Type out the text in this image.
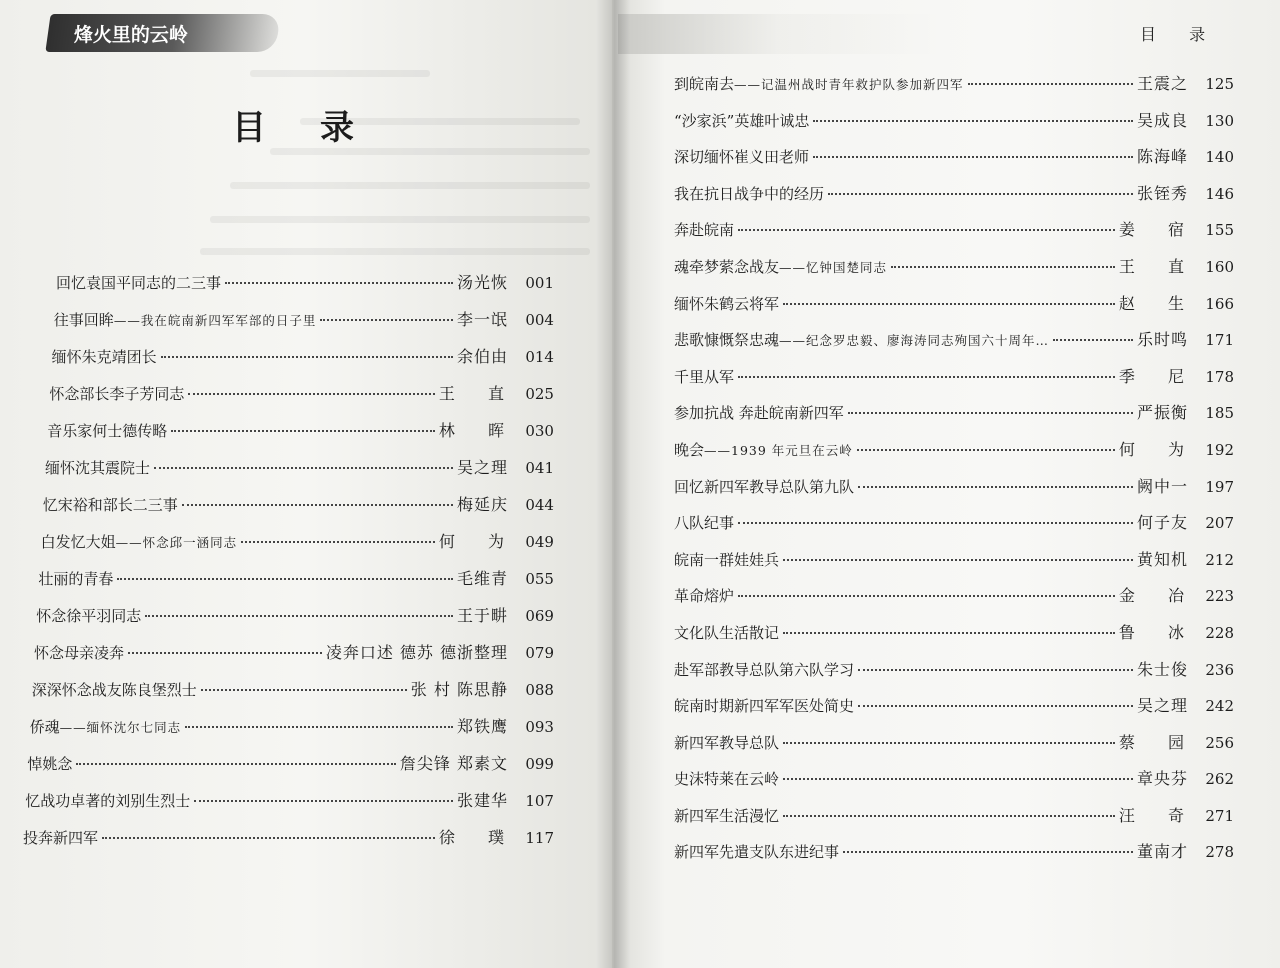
烽火里的云岭
目录
回忆袁国平同志的二三事	汤光恢	001
往事回眸——我在皖南新四军军部的日子里	李一氓	004
缅怀朱克靖团长	余伯由	014
怀念部长李子芳同志	王 直 025
音乐家何士德传略	林 晖 030
缅怀沈其震院士	吴之理	041
忆宋裕和部长二三事	梅延庆	044
白发忆大姐——怀念邱一涵同志	何 为 049
壮丽的青春	毛维青	055
怀念徐平羽同志	王于畊	069
怀念母亲凌奔	凌奔口述 德苏 德浙整理	079
深深怀念战友陈良堡烈士	张 村 陈思静	088
侨魂——缅怀沈尔七同志	郑铁鹰	093
悼姚念	詹尖锋 郑素文	099
忆战功卓著的刘别生烈士	张建华	107
投奔新四军	徐 璞 117
目 录
到皖南去——记温州战时青年救护队参加新四军	王震之	125
“沙家浜”英雄叶诚忠	吴成良	130
深切缅怀崔义田老师	陈海峰	140
我在抗日战争中的经历	张铚秀	146
奔赴皖南	姜 宿 155
魂牵梦萦念战友——忆钟国楚同志	王 直 160
缅怀朱鹤云将军	赵 生 166
悲歌慷慨祭忠魂——纪念罗忠毅、廖海涛同志殉国六十周年…	乐时鸣	171
千里从军	季 尼 178
参加抗战 奔赴皖南新四军	严振衡	185
晚会——1939 年元旦在云岭	何 为 192
回忆新四军教导总队第九队	阙中一	197
八队纪事	何子友	207
皖南一群娃娃兵	黄知机	212
革命熔炉	金 冶 223
文化队生活散记	鲁 冰 228
赴军部教导总队第六队学习	朱士俊	236
皖南时期新四军军医处简史	吴之理	242
新四军教导总队	蔡 园 256
史沫特莱在云岭	章央芬	262
新四军生活漫忆	汪 奇 271
新四军先遣支队东进纪事	董南才	278
